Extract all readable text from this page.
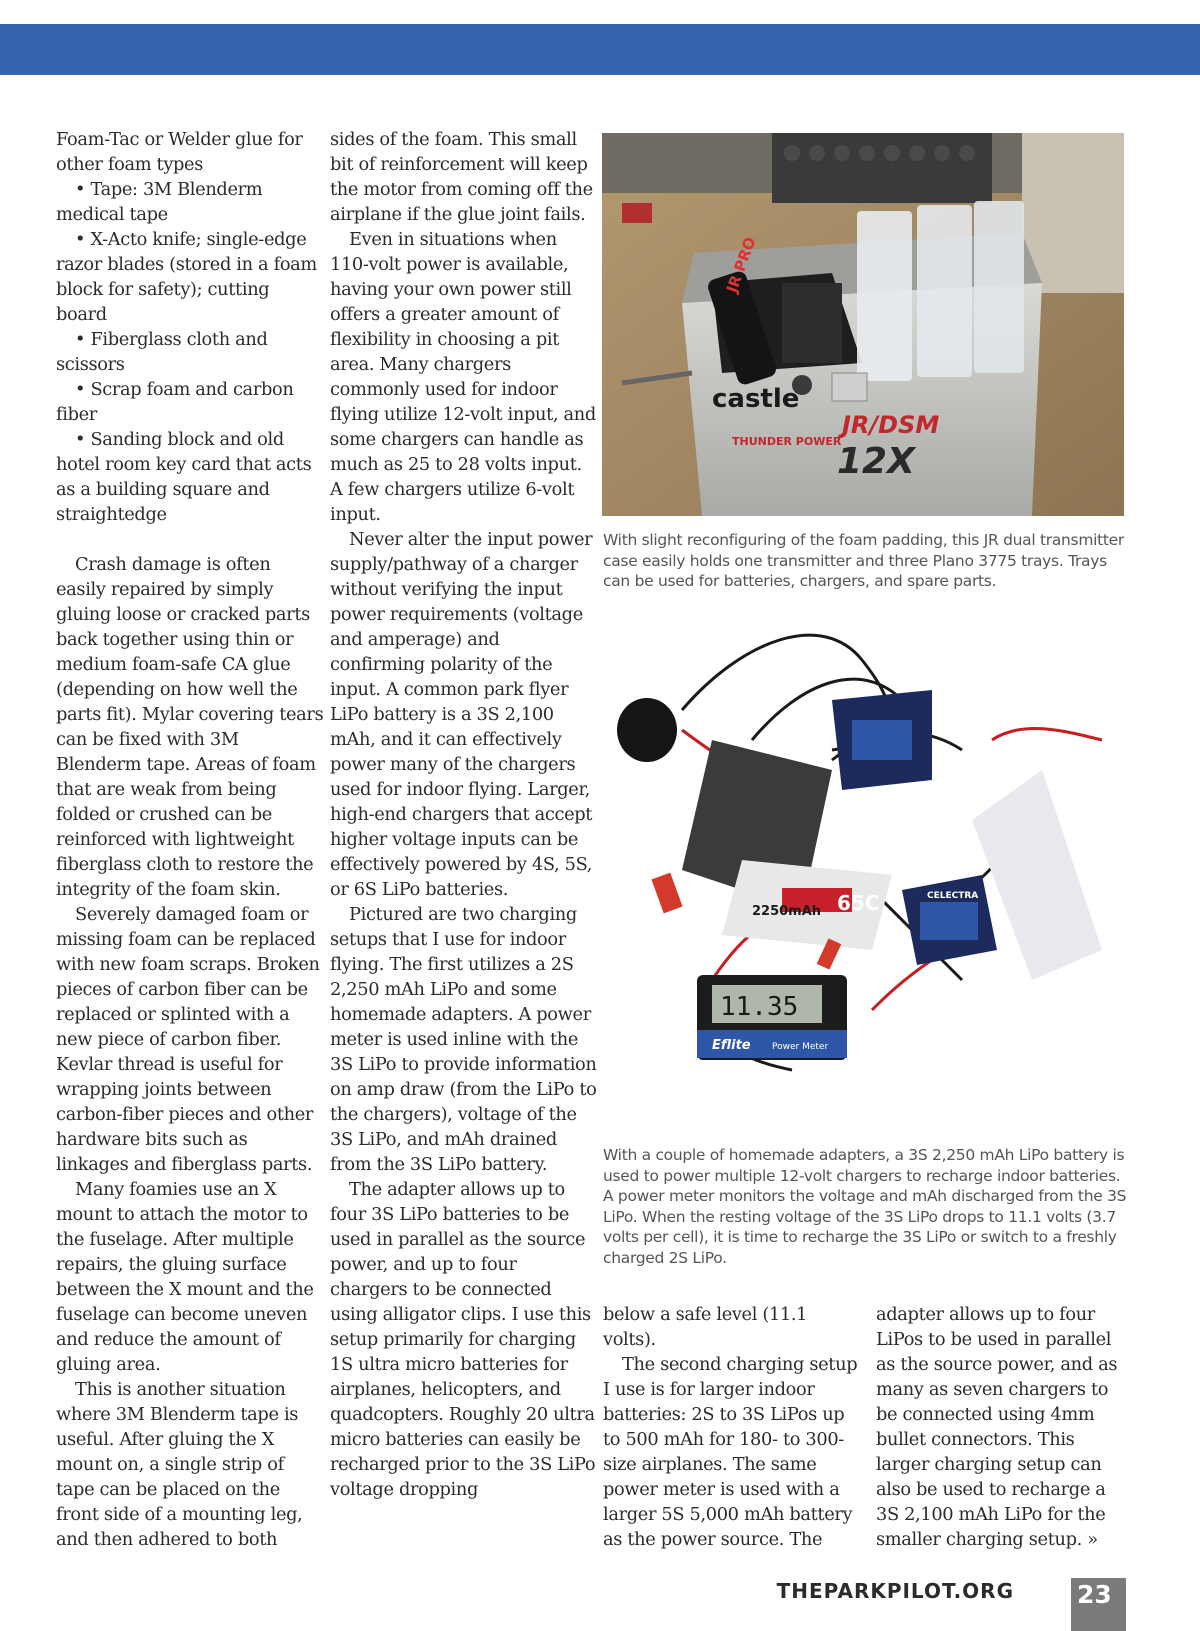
Foam-Tac or Welder glue for other foam types

• Tape: 3M Blenderm medical tape

• X-Acto knife; single-edge razor blades (stored in a foam block for safety); cutting board

• Fiberglass cloth and scissors

• Scrap foam and carbon fiber

• Sanding block and old hotel room key card that acts as a building square and straightedge

Crash damage is often easily repaired by simply gluing loose or cracked parts back together using thin or medium foam-safe CA glue (depending on how well the parts fit). Mylar covering tears can be fixed with 3M Blenderm tape. Areas of foam that are weak from being folded or crushed can be reinforced with lightweight fiberglass cloth to restore the integrity of the foam skin.

Severely damaged foam or missing foam can be replaced with new foam scraps. Broken pieces of carbon fiber can be replaced or splinted with a new piece of carbon fiber. Kevlar thread is useful for wrapping joints between carbon-fiber pieces and other hardware bits such as linkages and fiberglass parts.

Many foamies use an X mount to attach the motor to the fuselage. After multiple repairs, the gluing surface between the X mount and the fuselage can become uneven and reduce the amount of gluing area.

This is another situation where 3M Blenderm tape is useful. After gluing the X mount on, a single strip of tape can be placed on the front side of a mounting leg, and then adhered to both

sides of the foam. This small bit of reinforcement will keep the motor from coming off the airplane if the glue joint fails.

Even in situations when 110-volt power is available, having your own power still offers a greater amount of flexibility in choosing a pit area. Many chargers commonly used for indoor flying utilize 12-volt input, and some chargers can handle as much as 25 to 28 volts input. A few chargers utilize 6-volt input.

Never alter the input power supply/pathway of a charger without verifying the input power requirements (voltage and amperage) and confirming polarity of the input. A common park flyer LiPo battery is a 3S 2,100 mAh, and it can effectively power many of the chargers used for indoor flying. Larger, high-end chargers that accept higher voltage inputs can be effectively powered by 4S, 5S, or 6S LiPo batteries.

Pictured are two charging setups that I use for indoor flying. The first utilizes a 2S 2,250 mAh LiPo and some homemade adapters. A power meter is used inline with the 3S LiPo to provide information on amp draw (from the LiPo to the chargers), voltage of the 3S LiPo, and mAh drained from the 3S LiPo battery.

The adapter allows up to four 3S LiPo batteries to be used in parallel as the source power, and up to four chargers to be connected using alligator clips. I use this setup primarily for charging 1S ultra micro batteries for airplanes, helicopters, and quadcopters. Roughly 20 ultra micro batteries can easily be recharged prior to the 3S LiPo voltage dropping

castle
JR/DSM
12X
THUNDER POWER
JR PRO

With slight reconfiguring of the foam padding, this JR dual transmitter case easily holds one transmitter and three Plano 3775 trays. Trays can be used for batteries, chargers, and spare parts.

2250mAh 65C	CELECTRA
11.35
Eflite Power Meter

With a couple of homemade adapters, a 3S 2,250 mAh LiPo battery is used to power multiple 12-volt chargers to recharge indoor batteries. A power meter monitors the voltage and mAh discharged from the 3S LiPo. When the resting voltage of the 3S LiPo drops to 11.1 volts (3.7 volts per cell), it is time to recharge the 3S LiPo or switch to a freshly charged 2S LiPo.

below a safe level (11.1 volts).

The second charging setup I use is for larger indoor batteries: 2S to 3S LiPos up to 500 mAh for 180- to 300-size airplanes. The same power meter is used with a larger 5S 5,000 mAh battery as the power source. The

adapter allows up to four LiPos to be used in parallel as the source power, and as many as seven chargers to be connected using 4mm bullet connectors. This larger charging setup can also be used to recharge a 3S 2,100 mAh LiPo for the smaller charging setup. »

THEPARKPILOT.ORG	23
